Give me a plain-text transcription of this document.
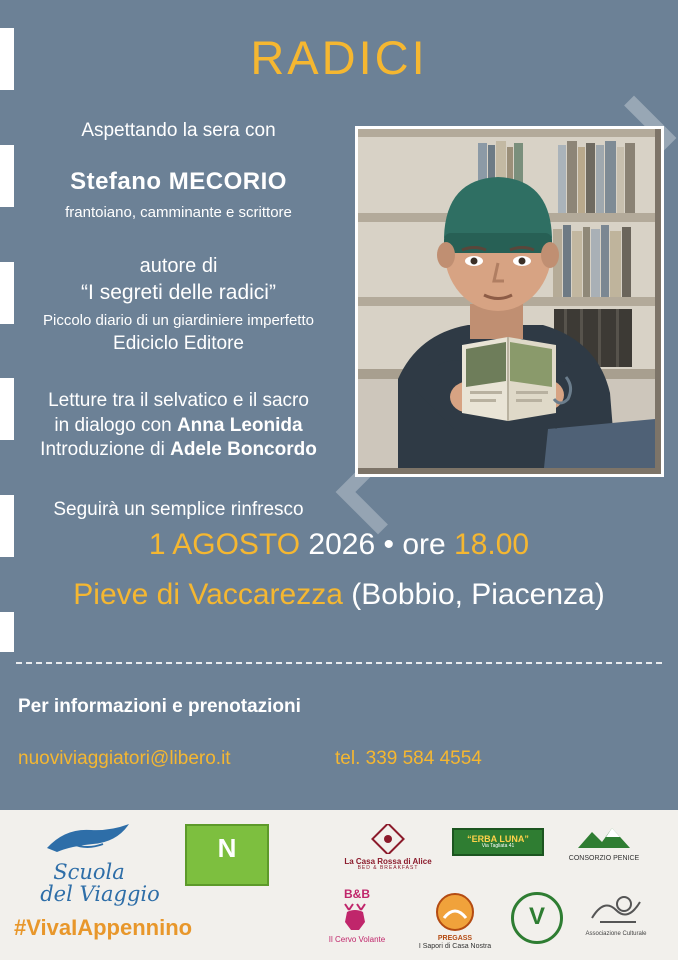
RADICI
Aspettando la sera con
Stefano MECORIO
frantoiano, camminante e scrittore
autore di
“I segreti delle radici”
Piccolo diario di un giardiniere imperfetto
Ediciclo Editore
Letture tra il selvatico e il sacro
in dialogo con Anna Leonida
Introduzione di Adele Boncordo
Seguirà un semplice rinfresco
1 AGOSTO 2026 • ore 18.00
Pieve di Vaccarezza (Bobbio, Piacenza)
Per informazioni e prenotazioni
nuoviviaggiatori@libero.it	tel. 339 584 4554
Scuola
del Viaggio
#VivaIAppennino
N	La Casa Rossa di Alice
BED & BREAKFAST
“ERBA LUNA”
Via Tagliata 41
CONSORZIO PENICE
B&B
Il Cervo Volante	PREGASS
I Sapori di Casa Nostra
V
Associazione Culturale
